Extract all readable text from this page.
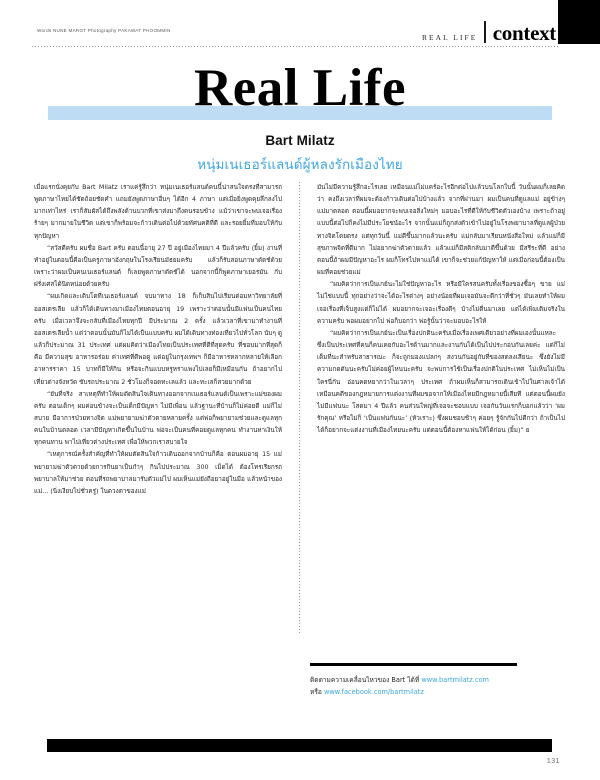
Words NUNE MAROT Photography PAKAWAT PHOOMMIN
REAL LIFE context
Real Life
Bart Milatz
หนุ่มเนเธอร์แลนด์ผู้หลงรักเมืองไทย

เมื่อแรกนั่งคุยกับ Bart Milatz เราแค่รู้สึกว่า หนุ่มเนเธอร์แลนด์คนนี้น่าสนใจตรงที่สามารถพูดภาษาไทยได้ชัดถ้อยชัดคำ แถมยังพูดภาษาอื่นๆ ได้อีก 4 ภาษา แต่เมื่อยิ่งพูดคุยลึกลงไปมากเท่าไหร่ เราก็สัมผัสได้ถึงพลังด้านบวกที่เขาส่งมาถึงคนรอบข้าง แม้ว่าเขาจะพบเจอเรื่องร้ายๆ มากมายในชีวิต แต่เขาก็พร้อมจะก้าวเดินต่อไปด้วยทัศนคติที่ดี และรอยยิ้มที่มอบให้กับทุกปัญหา

“สวัสดีครับ ผมชื่อ Bart ครับ ตอนนี้อายุ 27 ปี อยู่เมืองไทยมา 4 ปีแล้วครับ (ยิ้ม) งานที่ทำอยู่ในตอนนี้คือเป็นครูภาษาอังกฤษในโรงเรียนมัธยมครับ แล้วก็รับสอนภาษาดัตช์ด้วย เพราะว่าผมเป็นคนเนเธอร์แลนด์ ก็เลยพูดภาษาดัตช์ได้ นอกจากนี้ก็พูดภาษาเยอรมัน กับฝรั่งเศสได้นิดหน่อยด้วยครับ

“ผมเกิดและเติบโตที่เนเธอร์แลนด์ จบมาทาง 18 ก็เก็บสินไปเรียนต่อมหาวิทยาลัยที่ออสเตรเลีย แล้วก็ได้เดินทางมาเมืองไทยตอนอายุ 19 เพราะว่าตอนนั้นมีแฟนเป็นคนไทยครับ เมื่อเวลาจึงจะกลับที่เมืองไทยทุกปี มีประมาณ 2 ครั้ง แล้วเวลาที่เขามาทำงานที่ออสเตรเลียน้ำ แต่ว่าตอนนั้นมันก็ไม่ได้เป็นแบบครับ ผมได้เดินทางท่องเที่ยวไปทั่วโลก นับๆ ดูแล้วก็ประมาณ 31 ประเทศ แต่ผมคิดว่าเมืองไทยเป็นประเทศที่ดีที่สุดครับ ที่ชอบมากที่สุดก็คือ มีความสุข อาหารอร่อย ค่าเทศที่ดีพอดู แต่อยู่ในกรุงเทพฯ ก็มีอาหารหลากหลายให้เลือก อาหารราคา 15 บาทก็มีให้กิน หรือจะกินแบบหรูหราแพงไปเลยก็มีเหมือนกัน ถ้าอยากไปเที่ยวต่างจังหวัด ขับรถประมาณ 2 ชั่วโมงก็จอดทะเลแล้ว และทะเลก็สวยมากด้วย

“ยันที่จริง สาเหตุที่ทำให้ผมตัดสินใจเดินทางออกจากเนเธอร์แลนด์เป็นเพราะแม่ของผมครับ ตอนเด็กๆ ผมค่อนข้างจะเป็นเด็กมีปัญหา ไม่มีเพื่อน แล้วฐานะที่บ้านก็ไม่ค่อยดี แม่ก็ไม่สบาย มีอาการป่วยทางจิต แม่พยายามฆ่าตัวตายหลายครั้ง แต่พ่อก็พยายามช่วยและดูแลทุกคนในบ้านตลอด เวลามีปัญหาเกิดขึ้นในบ้าน พ่อจะเป็นคนที่คอยดูแลทุกคน ทำงานหาเงินให้ทุกคนทาน พาไปเที่ยวต่างประเทศ เพื่อให้พวกเราสบายใจ

“เหตุการณ์ครั้งสำคัญที่ทำให้ผมตัดสินใจก้าวเดินออกจากบ้านก็คือ ตอนผมอายุ 15 แม่พยายามฆ่าตัวตายด้วยการกินยาเป็นกำๆ กินไปประมาณ 300 เม็ดได้ ต้องโทรเรียกรถพยาบาลให้มาช่วย ตอนที่รถพยาบาลมารับตัวแม่ไป ผมเห็นแม่ยังถือยาอยู่ในมือ แล้วหน้าของแม่... (นิ่งเงียบไปชั่วครู่) ในดวงตาของแม่

มันไม่มีความรู้สึกอะไรเลย เหมือนแม่ไม่แคร์อะไรอีกต่อไปแล้วบนโลกใบนี้ วันนั้นผมก็เลยคิดว่า คงถึงเวลาที่ผมจะต้องก้าวเดินต่อไปบ้างแล้ว จากที่ผ่านมา ผมเป็นคนที่ดูแลแม่ อยู่ข้างๆ แม่มาตลอด ตอนนี้ผมอยากจะพบเจอสิ่งใหม่ๆ มอบอะไรที่ดีให้กับชีวิตตัวเองบ้าง เพราะถ้าอยู่แบบนี้ต่อไปก็คงไม่มีประโยชน์อะไร จากนั้นแม่ก็ถูกส่งตัวเข้าไปอยู่ในโรงพยาบาลที่ดูแลผู้ป่วยทางจิตโดยตรง แต่ทุกวันนี้ แม่ดีขึ้นมากแล้วนะครับ แม่กลับมาเรียนหนังสือใหม่ แล้วแม่ก็มีสุขภาพจิตที่ดีมาก ไม่อยากฆ่าตัวตายแล้ว แล้วแม่ก็มีสติกลับมาดีขึ้นด้วย มีสรีระที่ดี อย่างตอนนี้ถ้าผมมีปัญหาอะไร ผมก็โทรไปหาแม่ได้ เขาก็จะช่วยแก้ปัญหาให้ แต่เมื่อก่อนนี้ต้องเป็นผมที่คอยช่วยแม่

“ผมคิดว่าการเป็นเกย์นะไม่ใช่ปัญหาอะไร หรือมีใครสนครับทั้งเรื่องของซื้อๆ ขาย แม่ไม่ใช่แบบนี้ ทุกอย่างว่าจะได้อะไรต่างๆ อย่างน้อยที่ผมเจอมันจะดีกว่าที่ชั่วๆ มันเลยทำให้ผมเจอเรื่องที่เจ็บสูงแต่ก็ไม่ได้ ผมอยากจะเจอะเรื่องดีๆ บ้างไม่ตื่นมาเลย แต่ได้เพิ่มเติมจริงในความครับ พอผมอยากไป พ่อก็บอกว่า พ่อรู้นั้นว่าจะมอบอะไรให้

“ผมคิดว่าการเป็นเกย์นะเป็นเรื่องปกตินะครับเมื่อเรื่องเพศเดียวอย่างที่ผมเองนั้นแหละ ซึ่งเป็นประเทศที่คนก็คนเคยกับอะไรด้านมากและงานกันได้เป็นไปประกอบกันเลยค่ะ แต่ก็ไม่เต็มที่นะสำหรับสาธารณะ ก็จะถูกมองแปลกๆ สงวนกันอยู่กับที่ของสตลงเสียนะ ซึ่งยังไม่มีความกดดันนะครับไม่ค่อยผู้ไหนนะครับ จะพบการใช้เป็นเรื่องปกติในประเทศ ไม่เห็นไม่เป็นใครนี่กัน อ่อนคดหยากว่าในเวลาๆ ประเทศ ถ้าผมเห็นก็สามารถเดินเข้าไปในศาลเจ้าได้ เหมือนคดีของกฎหมายการแต่งงานที่ผมขอจากให้เมืองไทยมีกฎหมายนี้เสียที แต่ตอนนี้ผมยังไม่มีแฟนนะ โสดมา 4 ปีแล้ว คนส่วนใหญ่ที่เจอจะชอบแบบ เจอกันวันแรกก็บอกแล้วว่า ‘ผมรักคุณ’ หรือไม่ก็ ‘เป็นแฟนกันนะ’ (หัวเราะ) ซึ่งผมชอบช้าๆ ค่อยๆ รู้จักกันไปดีกว่า ถ้าเป็นไปได้ก็อยากจะแต่งงานที่เมืองไทยนะครับ แต่ตอนนี้ต้องหาแฟนให้ได้ก่อน (ยิ้ม)” ย

ติดตามความเคลื่อนไหวของ Bart ได้ที่ www.bartmilatz.com
หรือ www.facebook.com/bartmilatz
131
